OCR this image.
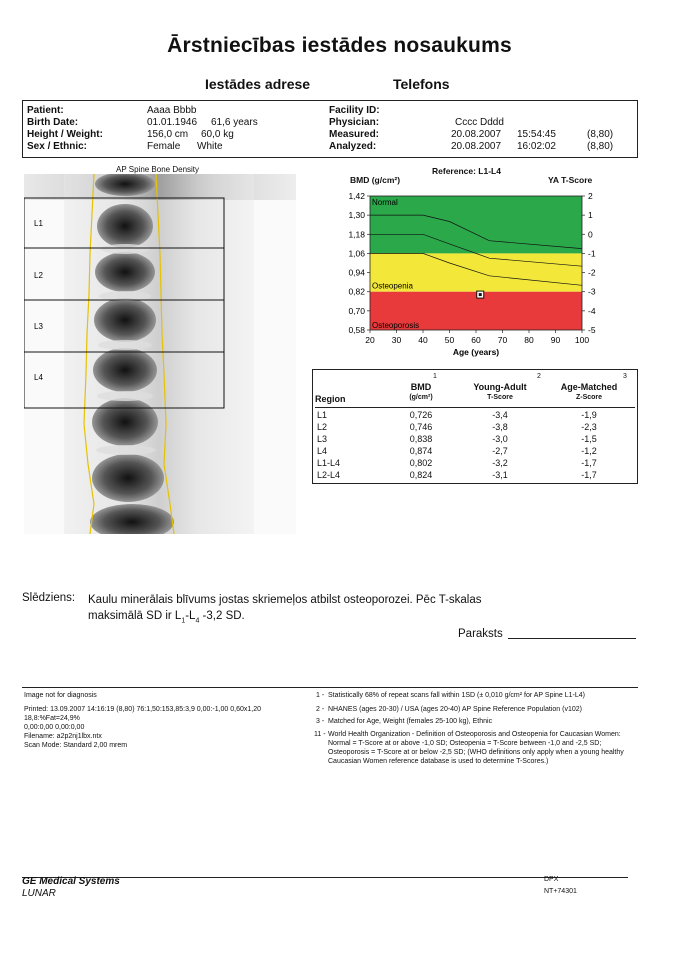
Ārstniecības iestādes nosaukums
Iestādes adrese	Telefons
Patient:	Aaaa Bbbb
Birth Date:	01.01.1946 61,6 years
Height / Weight:	156,0 cm 60,0 kg
Sex / Ethnic:	Female White
Facility ID:
Physician:	Cccc Dddd
Measured:	20.08.2007 15:54:45	(8,80)
Analyzed:	20.08.2007 16:02:02	(8,80)
AP Spine Bone Density
L1
L2
L3
L4
Reference: L1-L4
BMD (g/cm²)	YA T-Score
1,42
1,30
1,18
1,06
0,94
0,82
0,70
0,58
2
1
0
-1
-2
-3
-4
-5
20 30 40 50 60 70 80 90 100
Normal
Osteopenia
Osteoporosis
Age (years)
Region
BMD
(g/cm²)
Young-Adult
T-Score
Age-Matched
Z-Score
1	2	3
L1	0,726	-3,4	-1,9
L2	0,746	-3,8	-2,3
L3	0,838	-3,0	-1,5
L4	0,874	-2,7	-1,2
L1-L4	0,802	-3,2	-1,7
L2-L4	0,824	-3,1	-1,7
Slēdziens: Kaulu minerālais blīvums jostas skriemeļos atbilst osteoporozei. Pēc T-skalas
maksimālā SD ir $L_1-L_4$ -3,2 SD.
Paraksts
Image not for diagnosis
Printed: 13.09.2007 14:16:19 (8,80) 76:1,50:153,85:3,9 0,00:-1,00 0,60x1,20
18,8:%Fat=24,9%
0,00:0,00 0,00:0,00
Filename: a2p2nj1lbx.ntx
Scan Mode: Standard 2,00 mrem
1 - Statistically 68% of repeat scans fall within 1SD (± 0,010 g/cm² for AP Spine L1-L4)
2 - NHANES (ages 20-30) / USA (ages 20-40) AP Spine Reference Population (v102)
3 - Matched for Age, Weight (females 25-100 kg), Ethnic
11 - World Health Organization - Definition of Osteoporosis and Osteopenia for Caucasian Women: Normal = T-Score at or above -1,0 SD; Osteopenia = T-Score between -1,0 and -2,5 SD; Osteoporosis = T-Score at or below -2,5 SD; (WHO definitions only apply when a young healthy Caucasian Women reference database is used to determine T-Scores.)
GE Medical Systems
LUNAR
DPX
NT+74301
